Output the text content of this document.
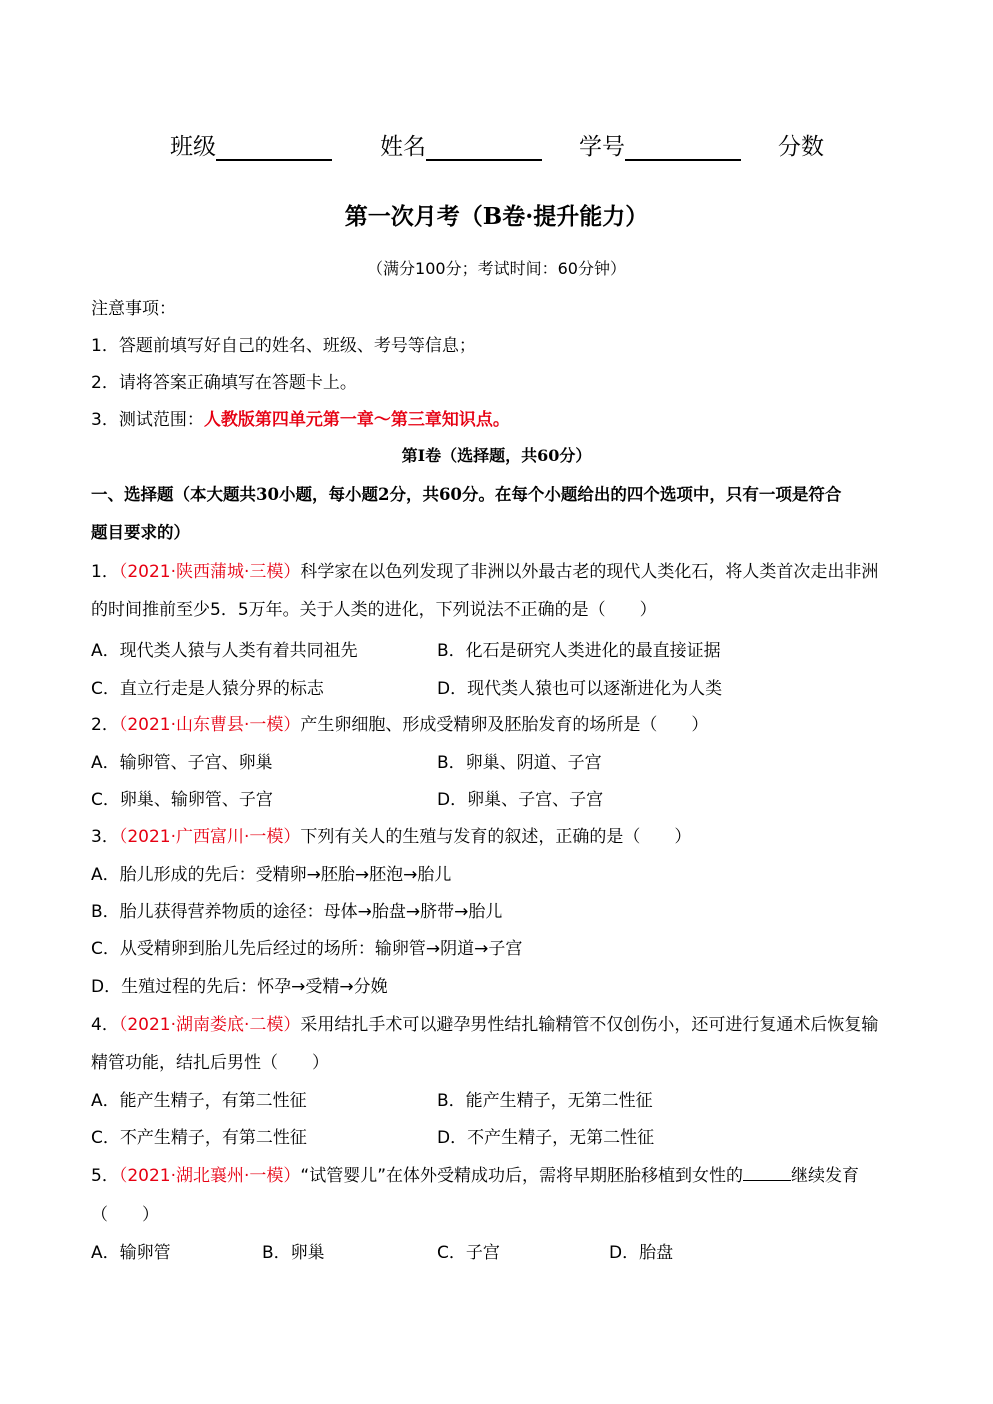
班级	姓名	学号	分数
第一次月考（B卷·提升能力）
（满分100分；考试时间：60分钟）
注意事项：
1．答题前填写好自己的姓名、班级、考号等信息；
2．请将答案正确填写在答题卡上。
3．测试范围：人教版第四单元第一章～第三章知识点。
第Ⅰ卷（选择题，共60分）
一、选择题（本大题共30小题，每小题2分，共60分。在每个小题给出的四个选项中，只有一项是符合
题目要求的）
1．（2021·陕西蒲城·三模）科学家在以色列发现了非洲以外最古老的现代人类化石，将人类首次走出非洲
的时间推前至少5．5万年。关于人类的进化，下列说法不正确的是（　　）
A．现代类人猿与人类有着共同祖先	B．化石是研究人类进化的最直接证据
C．直立行走是人猿分界的标志	D．现代类人猿也可以逐渐进化为人类
2．（2021·山东曹县·一模）产生卵细胞、形成受精卵及胚胎发育的场所是（　　）
A．输卵管、子宫、卵巢	B．卵巢、阴道、子宫
C．卵巢、输卵管、子宫	D．卵巢、子宫、子宫
3．（2021·广西富川·一模）下列有关人的生殖与发育的叙述，正确的是（　　）
A．胎儿形成的先后：受精卵→胚胎→胚泡→胎儿
B．胎儿获得营养物质的途径：母体→胎盘→脐带→胎儿
C．从受精卵到胎儿先后经过的场所：输卵管→阴道→子宫
D．生殖过程的先后：怀孕→受精→分娩
4．（2021·湖南娄底·二模）采用结扎手术可以避孕男性结扎输精管不仅创伤小，还可进行复通术后恢复输
精管功能，结扎后男性（　　）
A．能产生精子，有第二性征	B．能产生精子，无第二性征
C．不产生精子，有第二性征	D．不产生精子，无第二性征
5．（2021·湖北襄州·一模）“试管婴儿”在体外受精成功后，需将早期胚胎移植到女性的	继续发育
（　　）
A．输卵管	B．卵巢	C．子宫	D．胎盘
